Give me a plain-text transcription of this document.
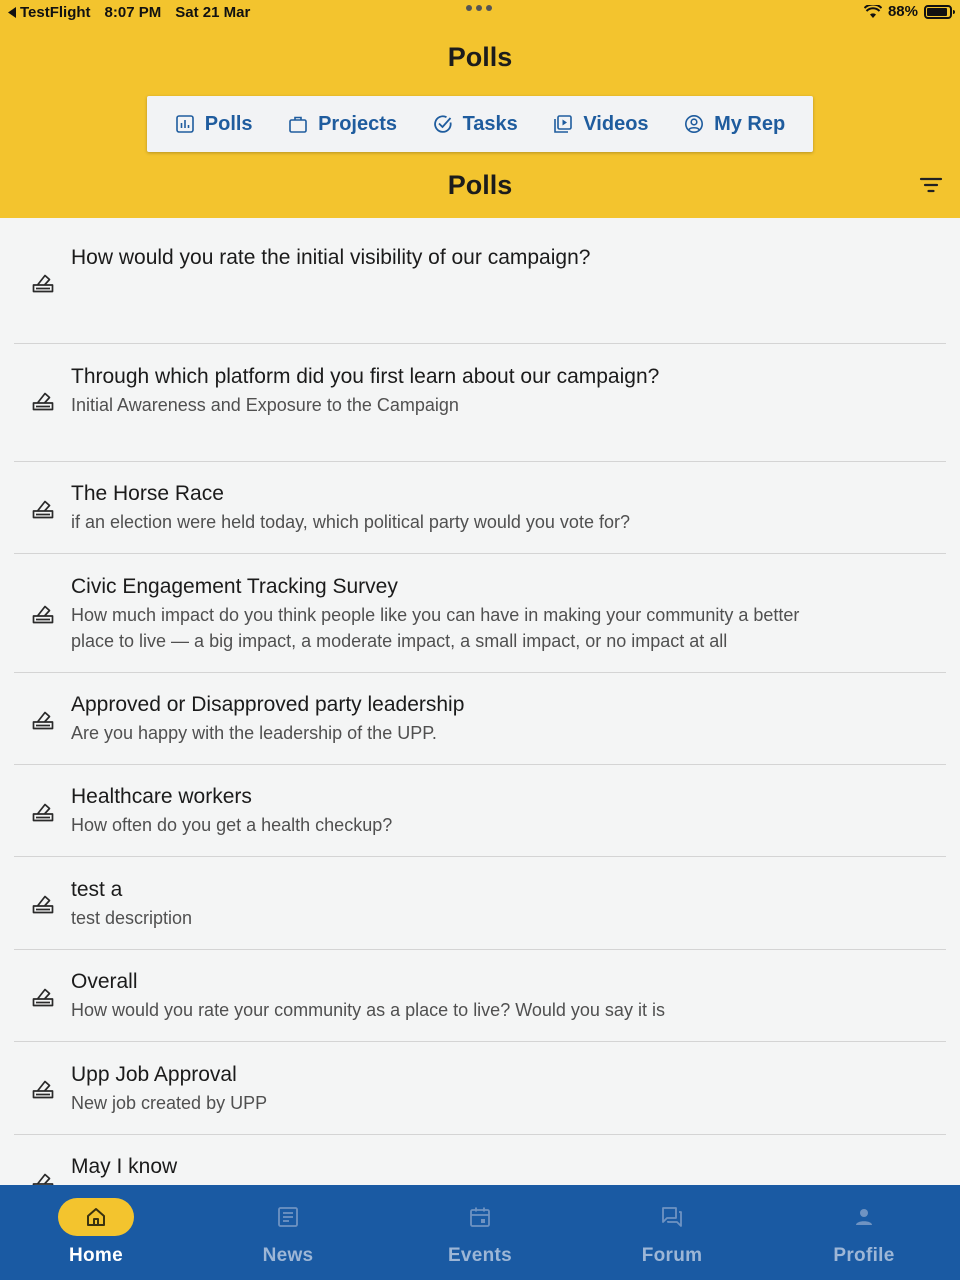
TestFlight 8:07 PM Sat 21 Mar	88%
Polls
Polls	Projects	Tasks	Videos	My Rep
Polls
How would you rate the initial visibility of our campaign?
Through which platform did you first learn about our campaign?
Initial Awareness and Exposure to the Campaign
The Horse Race
if an election were held today, which political party would you vote for?
Civic Engagement Tracking Survey
How much impact do you think people like you can have in making your community a better place to live — a big impact, a moderate impact, a small impact, or no impact at all
Approved or Disapproved party leadership
Are you happy with the leadership of the UPP.
Healthcare workers
How often do you get a health checkup?
test a
test description
Overall
How would you rate your community as a place to live? Would you say it is
Upp Job Approval
New job created by UPP
May I know
Home	News	Events	Forum	Profile
